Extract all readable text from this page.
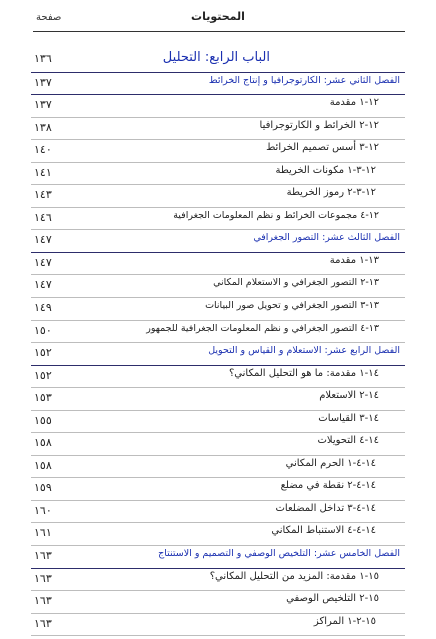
صفحة	المحتويات
١٣٦	الباب الرابع: التحليل
١٣٧	الفصل الثاني عشر: الكارتوجرافيا و إنتاج الخرائط
١٣٧	١٢-١ مقدمة
١٣٨	١٢-٢ الخرائط و الكارتوجرافيا
١٤٠	١٢-٣ أسس تصميم الخرائط
١٤١	١٢-٣-١ مكونات الخريطة
١٤٣	١٢-٣-٢ رموز الخريطة
١٤٦	١٢-٤ مجموعات الخرائط و نظم المعلومات الجغرافية
١٤٧	الفصل الثالث عشر: التصور الجغرافي
١٤٧	١٣-١ مقدمة
١٤٧	١٣-٢ التصور الجغرافي و الاستعلام المكاني
١٤٩	١٣-٣ التصور الجغرافي و تحويل صور البيانات
١٥٠	١٣-٤ التصور الجغرافي و نظم المعلومات الجغرافية للجمهور
١٥٢	الفصل الرابع عشر: الاستعلام و القياس و التحويل
١٥٢	١٤-١ مقدمة: ما هو التحليل المكاني؟
١٥٣	١٤-٢ الاستعلام
١٥٥	١٤-٣ القياسات
١٥٨	١٤-٤ التحويلات
١٥٨	١٤-٤-١ الحرم المكاني
١٥٩	١٤-٤-٢ نقطة في مضلع
١٦٠	١٤-٤-٣ تداخل المضلعات
١٦١	١٤-٤-٤ الاستنباط المكاني
١٦٣	الفصل الخامس عشر: التلخيص الوصفي و التصميم و الاستنتاج
١٦٣	١٥-١ مقدمة: المزيد من التحليل المكاني؟
١٦٣	١٥-٢ التلخيص الوصفي
١٦٣	١٥-٢-١ المراكز
